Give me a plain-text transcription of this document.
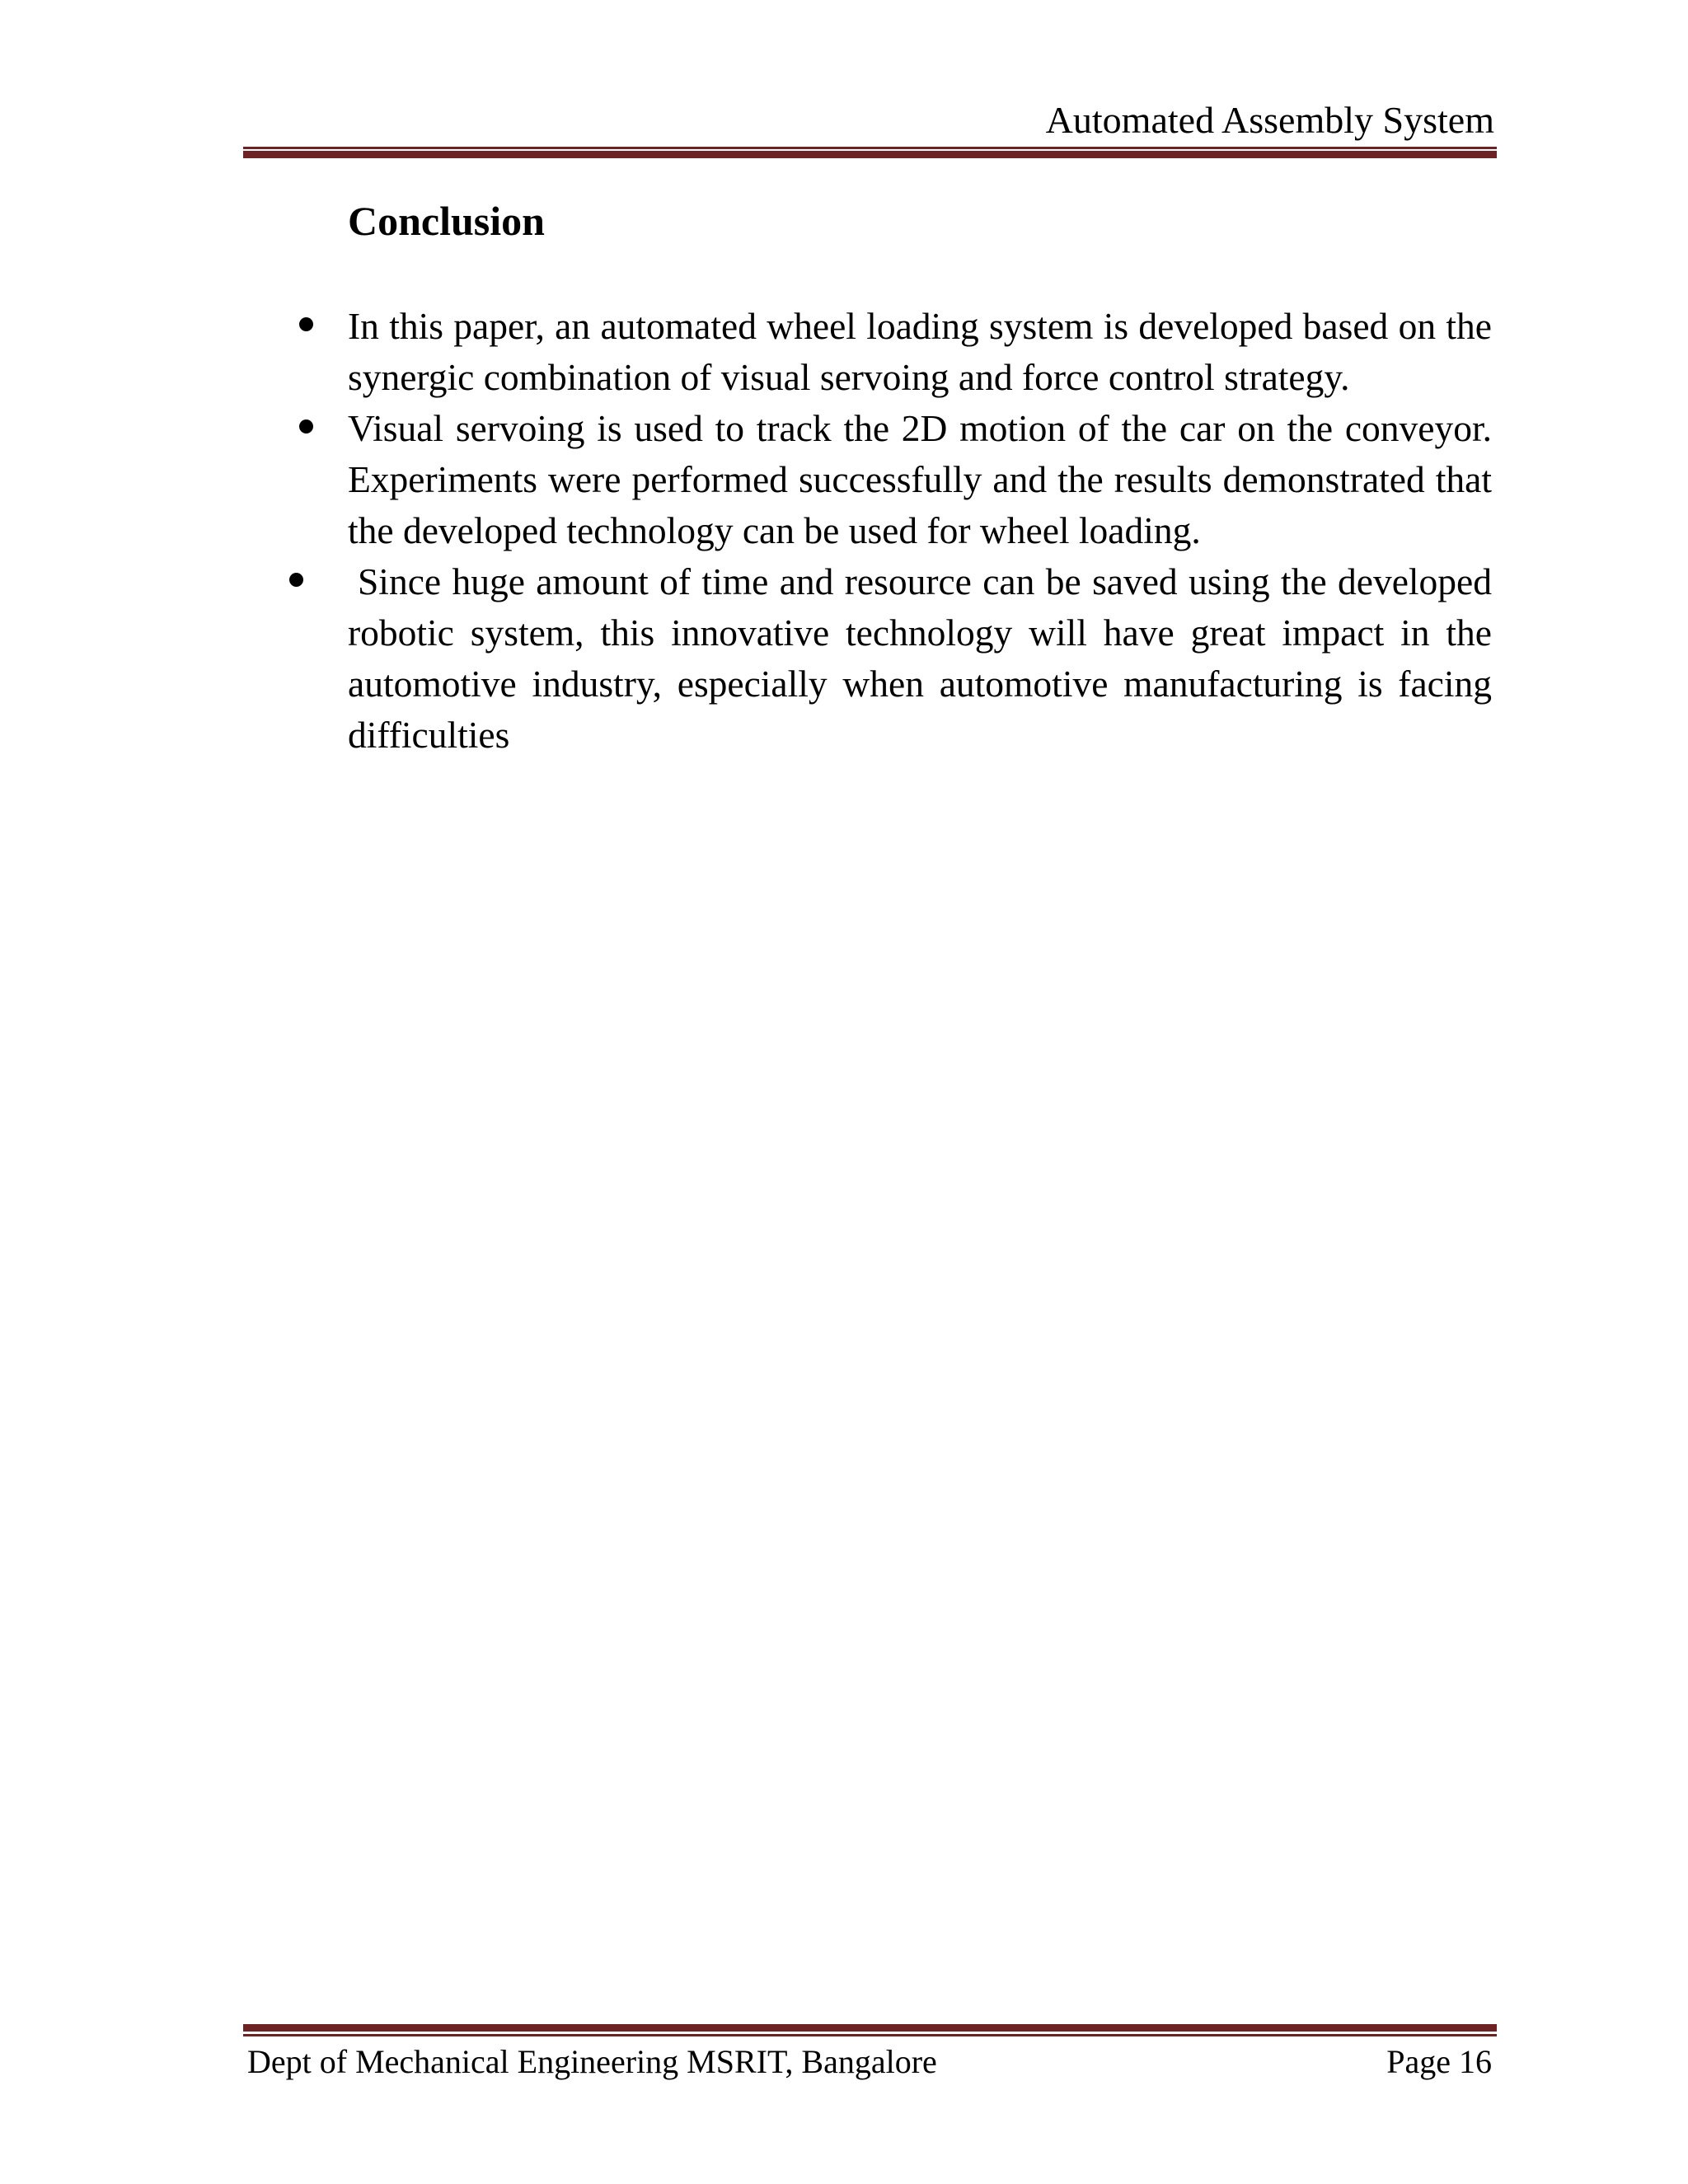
Automated Assembly System
Conclusion
In this paper, an automated wheel loading system is developed based on the synergic combination of visual servoing and force control strategy.
Visual servoing is used to track the 2D motion of the car on the conveyor. Experiments were performed successfully and the results demonstrated that the developed technology can be used for wheel loading.
Since huge amount of time and resource can be saved using the developed robotic system, this innovative technology will have great impact in the automotive industry, especially when automotive manufacturing is facing difficulties
Dept of Mechanical Engineering MSRIT, Bangalore	Page 16
